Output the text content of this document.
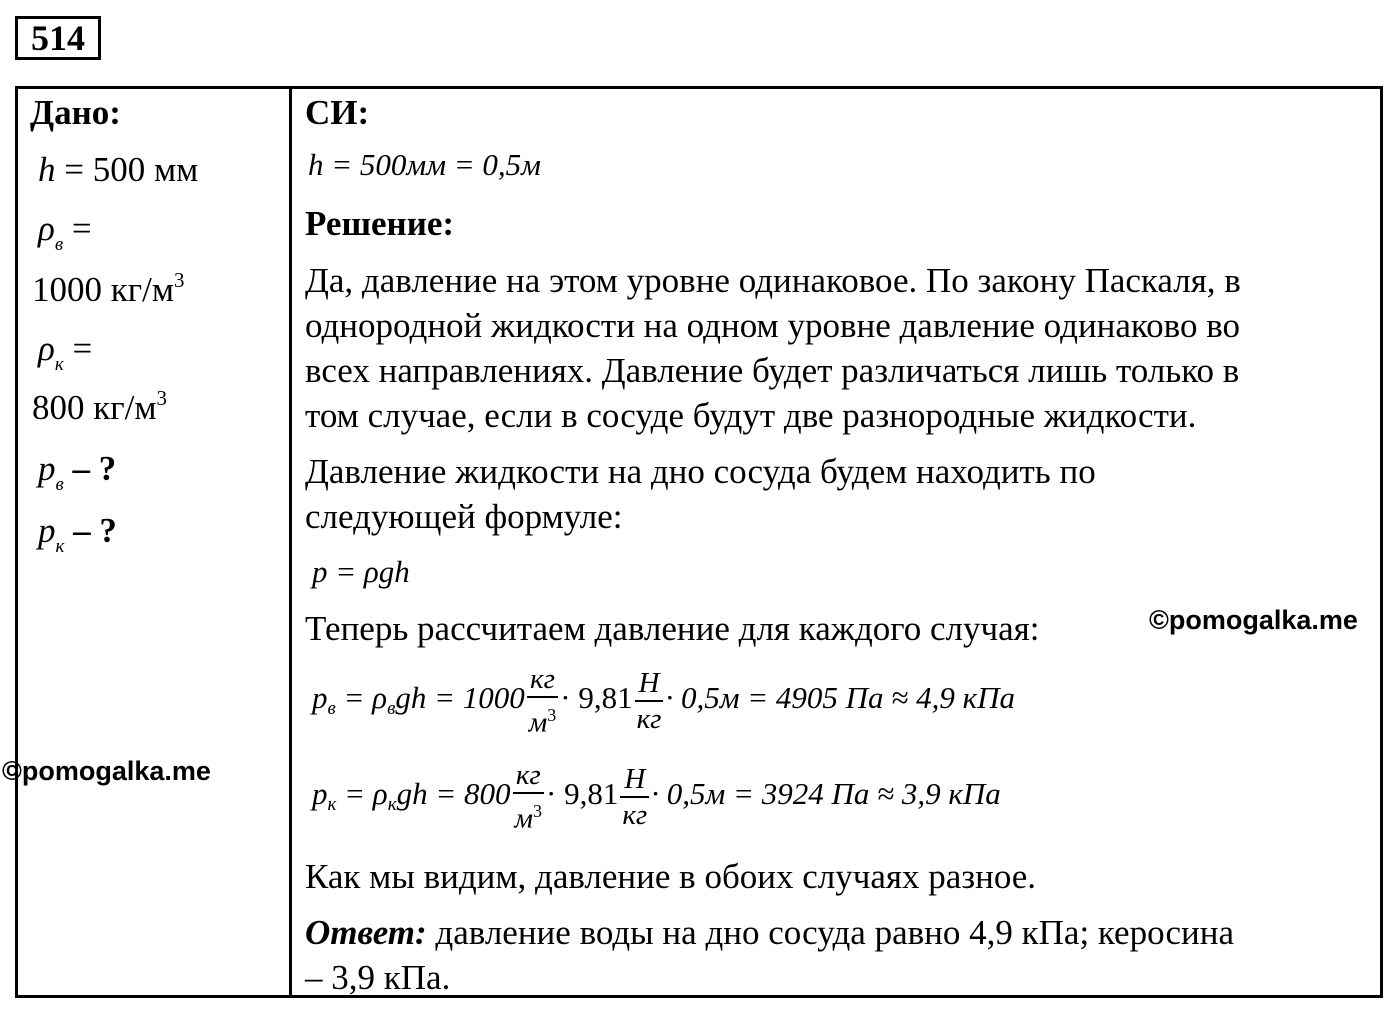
514
Дано:
h = 500 мм
$\rho_в$ =
1000 $кг/м^3$
$\rho_к$ =
800 $кг/м^3$
$p_в$ – ?
$p_к$ – ?
СИ:
h = 500мм = 0,5м
Решение:
Да, давление на этом уровне одинаковое. По закону Паскаля, в
однородной жидкости на одном уровне давление одинаково во
всех направлениях. Давление будет различаться лишь только в
том случае, если в сосуде будут две разнородные жидкости.
Давление жидкости на дно сосуда будем находить по
следующей формуле:
p = ρgh
Теперь рассчитаем давление для каждого случая:
pв = $\rho вgh = 1000 \frac{кг}{м^3} \cdot 9,81 \frac{Н}{кг} \cdot 0,5м = 4905$ Па ≈ 4,9 кПа
pк = $\rho кgh = 800 \frac{кг}{м^3} \cdot 9,81 \frac{Н}{кг} \cdot 0,5м = 3924$ Па ≈ 3,9 кПа
Как мы видим, давление в обоих случаях разное.
Ответ: давление воды на дно сосуда равно 4,9 кПа; керосина
– 3,9 кПа.
©pomogalka.me
©pomogalka.me
